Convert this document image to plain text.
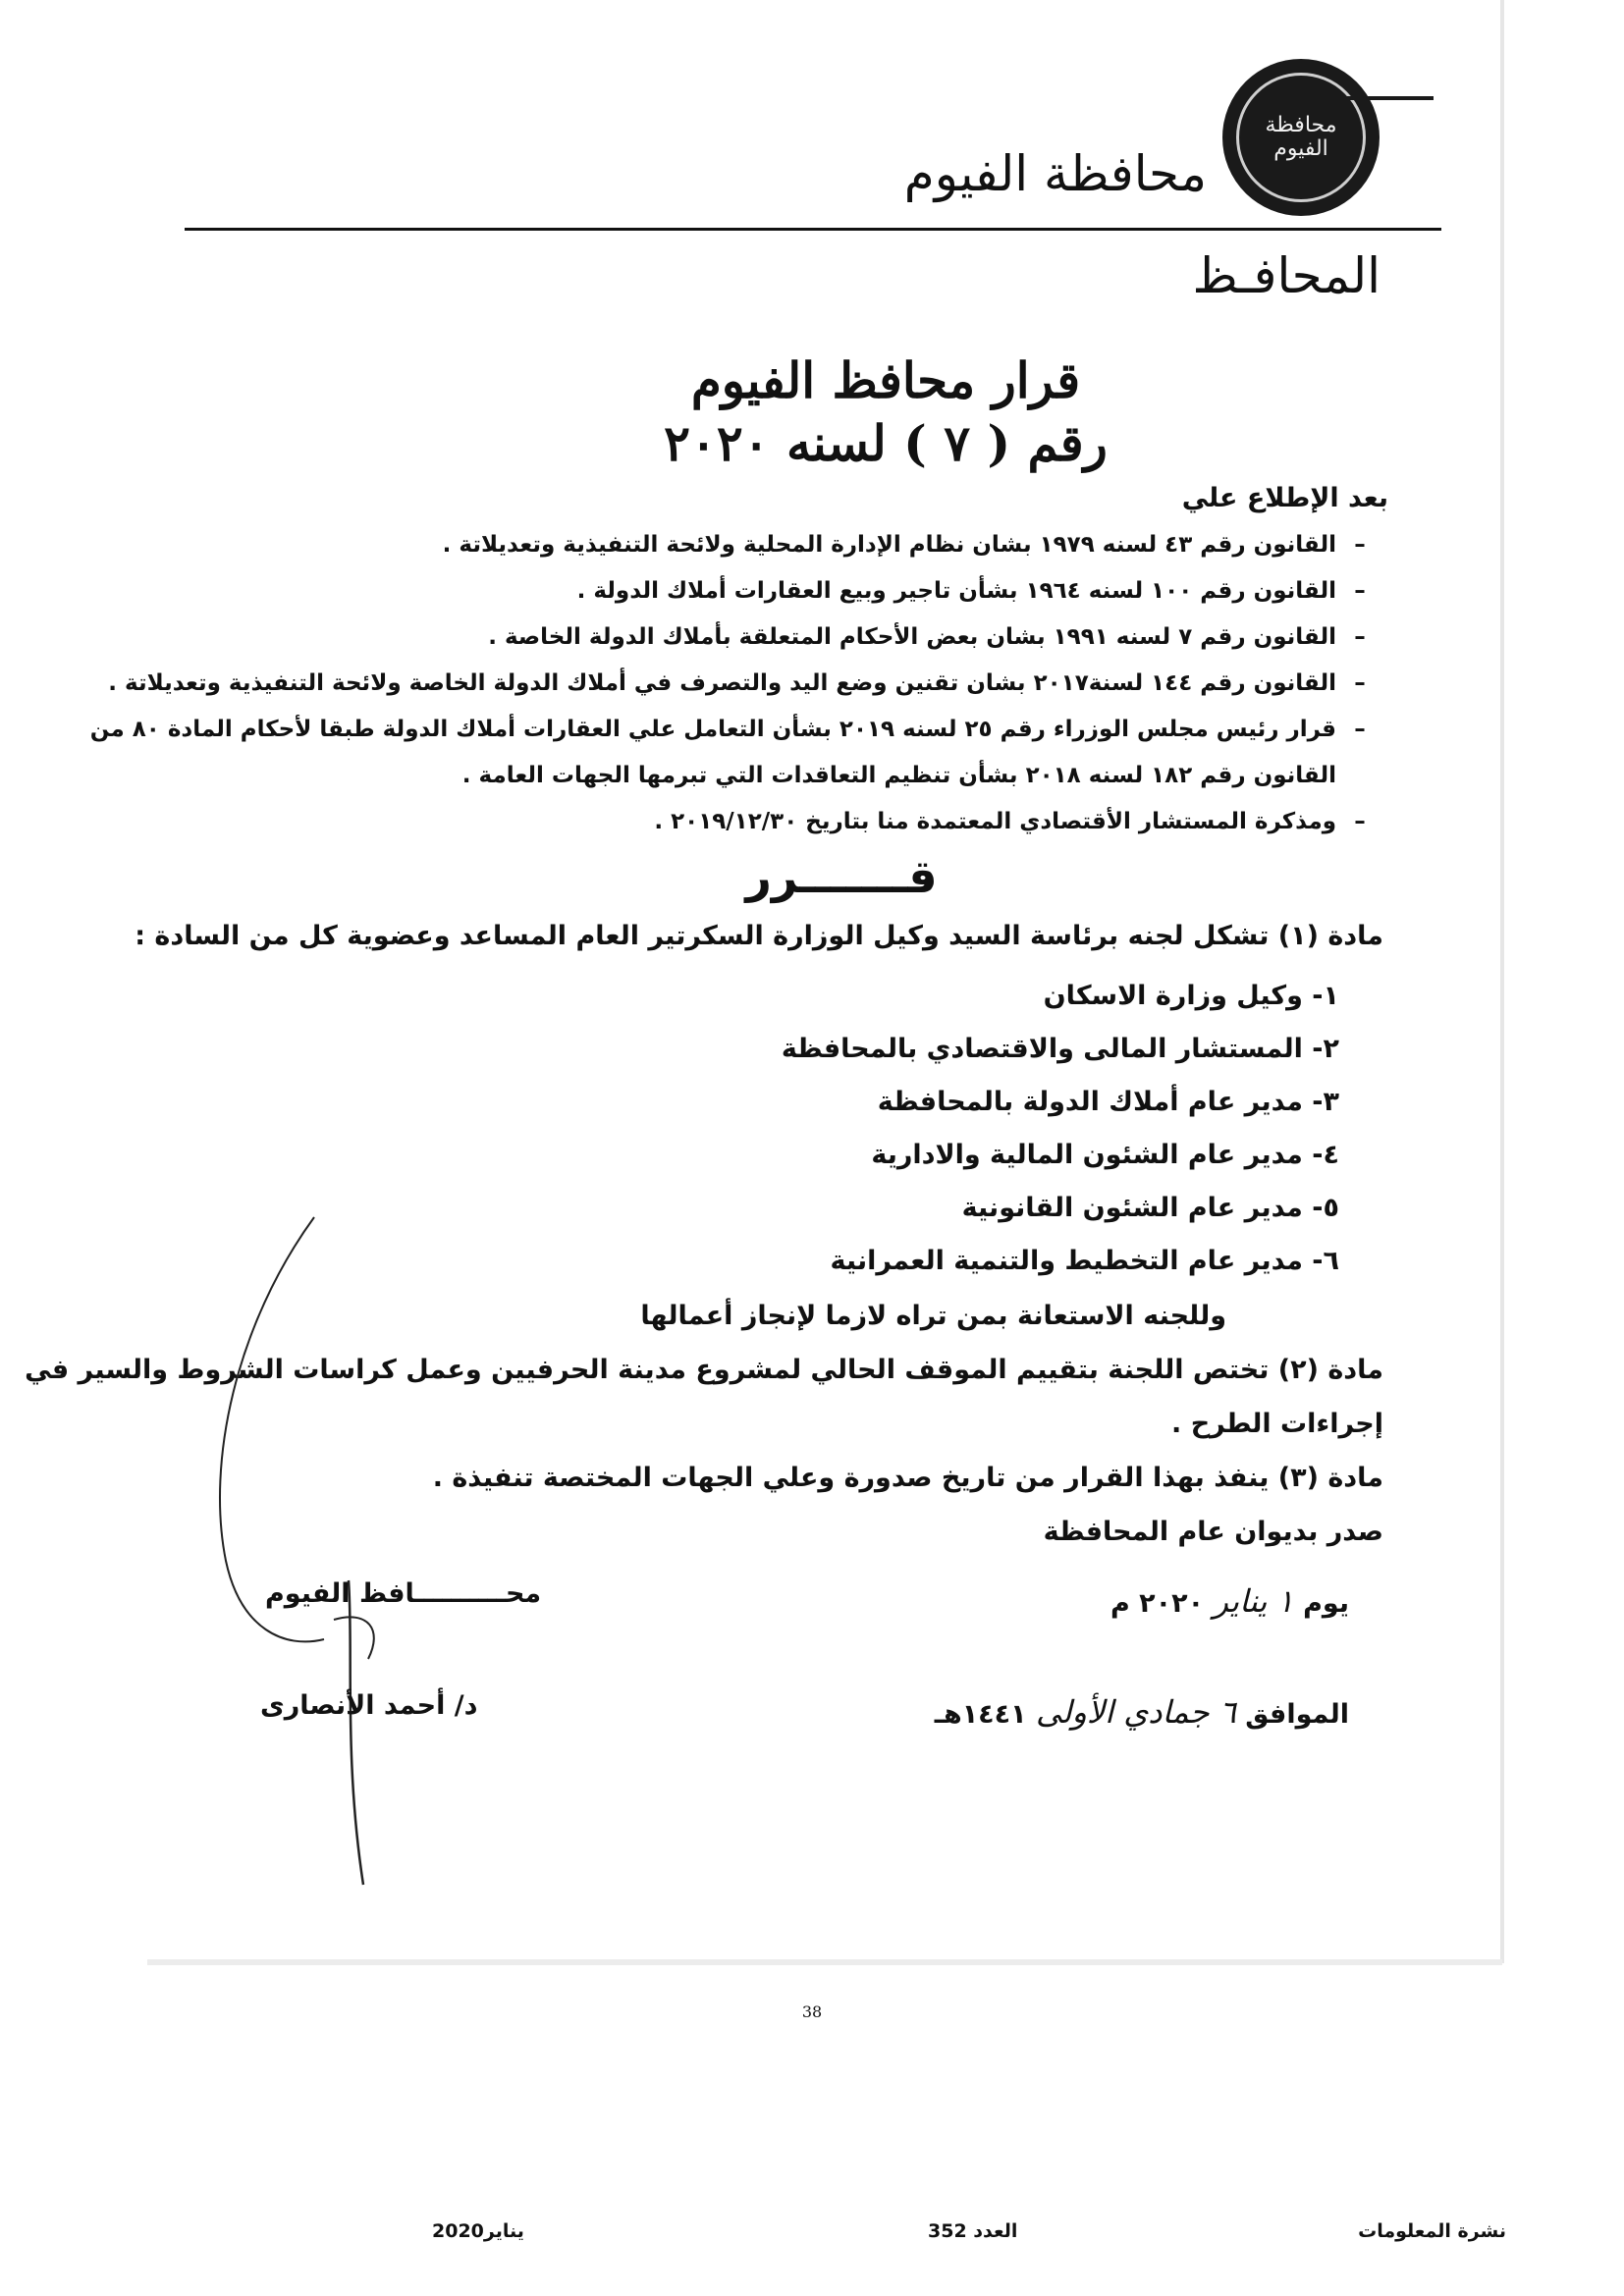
محافظة الفيوم
محافظة الفيوم
المحافـظ
قرار محافظ الفيوم
رقم ( ٧ ) لسنه ٢٠٢٠
بعد الإطلاع علي
–القانون رقم ٤٣ لسنه ١٩٧٩ بشان نظام الإدارة المحلية ولائحة التنفيذية وتعديلاتة .
–القانون رقم ١٠٠ لسنه ١٩٦٤ بشأن تاجير وبيع العقارات أملاك الدولة .
–القانون رقم ٧ لسنه ١٩٩١ بشان بعض الأحكام المتعلقة بأملاك الدولة الخاصة .
–القانون رقم ١٤٤ لسنة٢٠١٧ بشان تقنين وضع اليد والتصرف في أملاك الدولة الخاصة ولائحة التنفيذية وتعديلاتة .
–قرار رئيس مجلس الوزراء رقم ٢٥ لسنه ٢٠١٩ بشأن التعامل علي العقارات أملاك الدولة طبقا لأحكام المادة ٨٠ من
القانون رقم ١٨٢ لسنه ٢٠١٨ بشأن تنظيم التعاقدات التي تبرمها الجهات العامة .
–ومذكرة المستشار الأقتصادي المعتمدة منا بتاريخ ٢٠١٩/١٢/٣٠ .
قـــــــرر
مادة (١) تشكل لجنه برئاسة السيد وكيل الوزارة السكرتير العام المساعد وعضوية كل من السادة :
١- وكيل وزارة الاسكان
٢- المستشار المالى والاقتصادي بالمحافظة
٣- مدير عام أملاك الدولة بالمحافظة
٤- مدير عام الشئون المالية والادارية
٥- مدير عام الشئون القانونية
٦- مدير عام التخطيط والتنمية العمرانية
وللجنه الاستعانة بمن تراه لازما لإنجاز أعمالها
مادة (٢) تختص اللجنة بتقييم الموقف الحالي لمشروع مدينة الحرفيين وعمل كراسات الشروط والسير في
إجراءات الطرح .
مادة (٣) ينفذ بهذا القرار من تاريخ صدورة وعلي الجهات المختصة تنفيذة .
صدر بديوان عام المحافظة
يوم ١ يناير ٢٠٢٠ م
الموافق ٦ جمادي الأولى ١٤٤١هـ
محــــــــــافظ الفيوم
د/ أحمد الأنصارى
38
يناير2020	العدد 352	نشرة المعلومات
